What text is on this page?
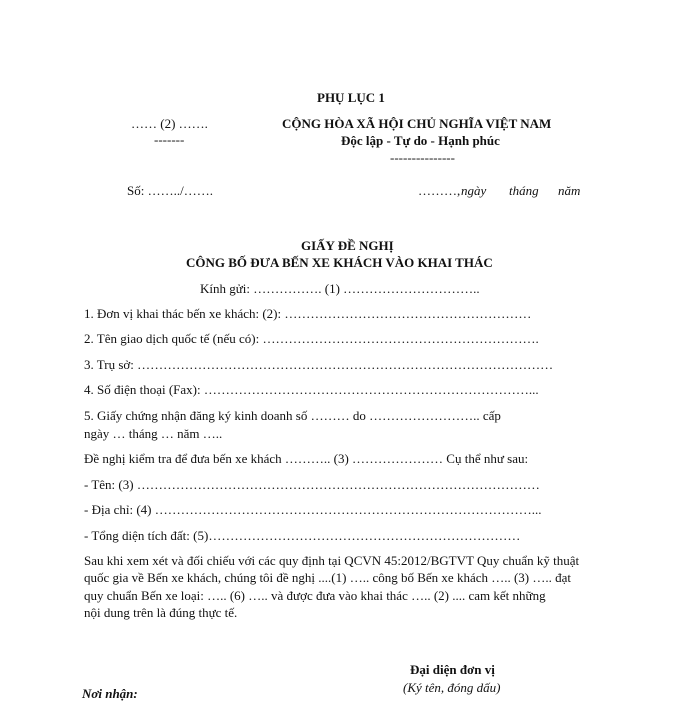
PHỤ LỤC 1
…… (2) …….
-------
CỘNG HÒA XÃ HỘI CHỦ NGHĨA VIỆT NAM
Độc lập - Tự do - Hạnh phúc
---------------
Số: ……../…….	………, ngày tháng năm
GIẤY ĐỀ NGHỊ
CÔNG BỐ ĐƯA BẾN XE KHÁCH VÀO KHAI THÁC
Kính gửi: ……………. (1) …………………………..
1. Đơn vị khai thác bến xe khách: (2): …………………………………………………
2. Tên giao dịch quốc tế (nếu có): ……………………………………………………….
3. Trụ sở: ……………………………………………………………………………………
4. Số điện thoại (Fax): …………………………………………………………………...
5. Giấy chứng nhận đăng ký kinh doanh số ……… do …………………….. cấp
ngày … tháng … năm …..
Đề nghị kiểm tra để đưa bến xe khách ……….. (3) ………………… Cụ thể như sau:
- Tên: (3) …………………………………………………………………………………
- Địa chỉ: (4) ……………………………………………………………………………...
- Tổng diện tích đất: (5)………………………………………………………………
Sau khi xem xét và đối chiếu với các quy định tại QCVN 45:2012/BGTVT Quy chuẩn kỹ thuật
quốc gia về Bến xe khách, chúng tôi đề nghị ....(1) ….. công bố Bến xe khách ….. (3) ….. đạt
quy chuẩn Bến xe loại: ….. (6) ….. và được đưa vào khai thác ….. (2) .... cam kết những
nội dung trên là đúng thực tế.
Đại diện đơn vị
(Ký tên, đóng dấu)
Nơi nhận:
